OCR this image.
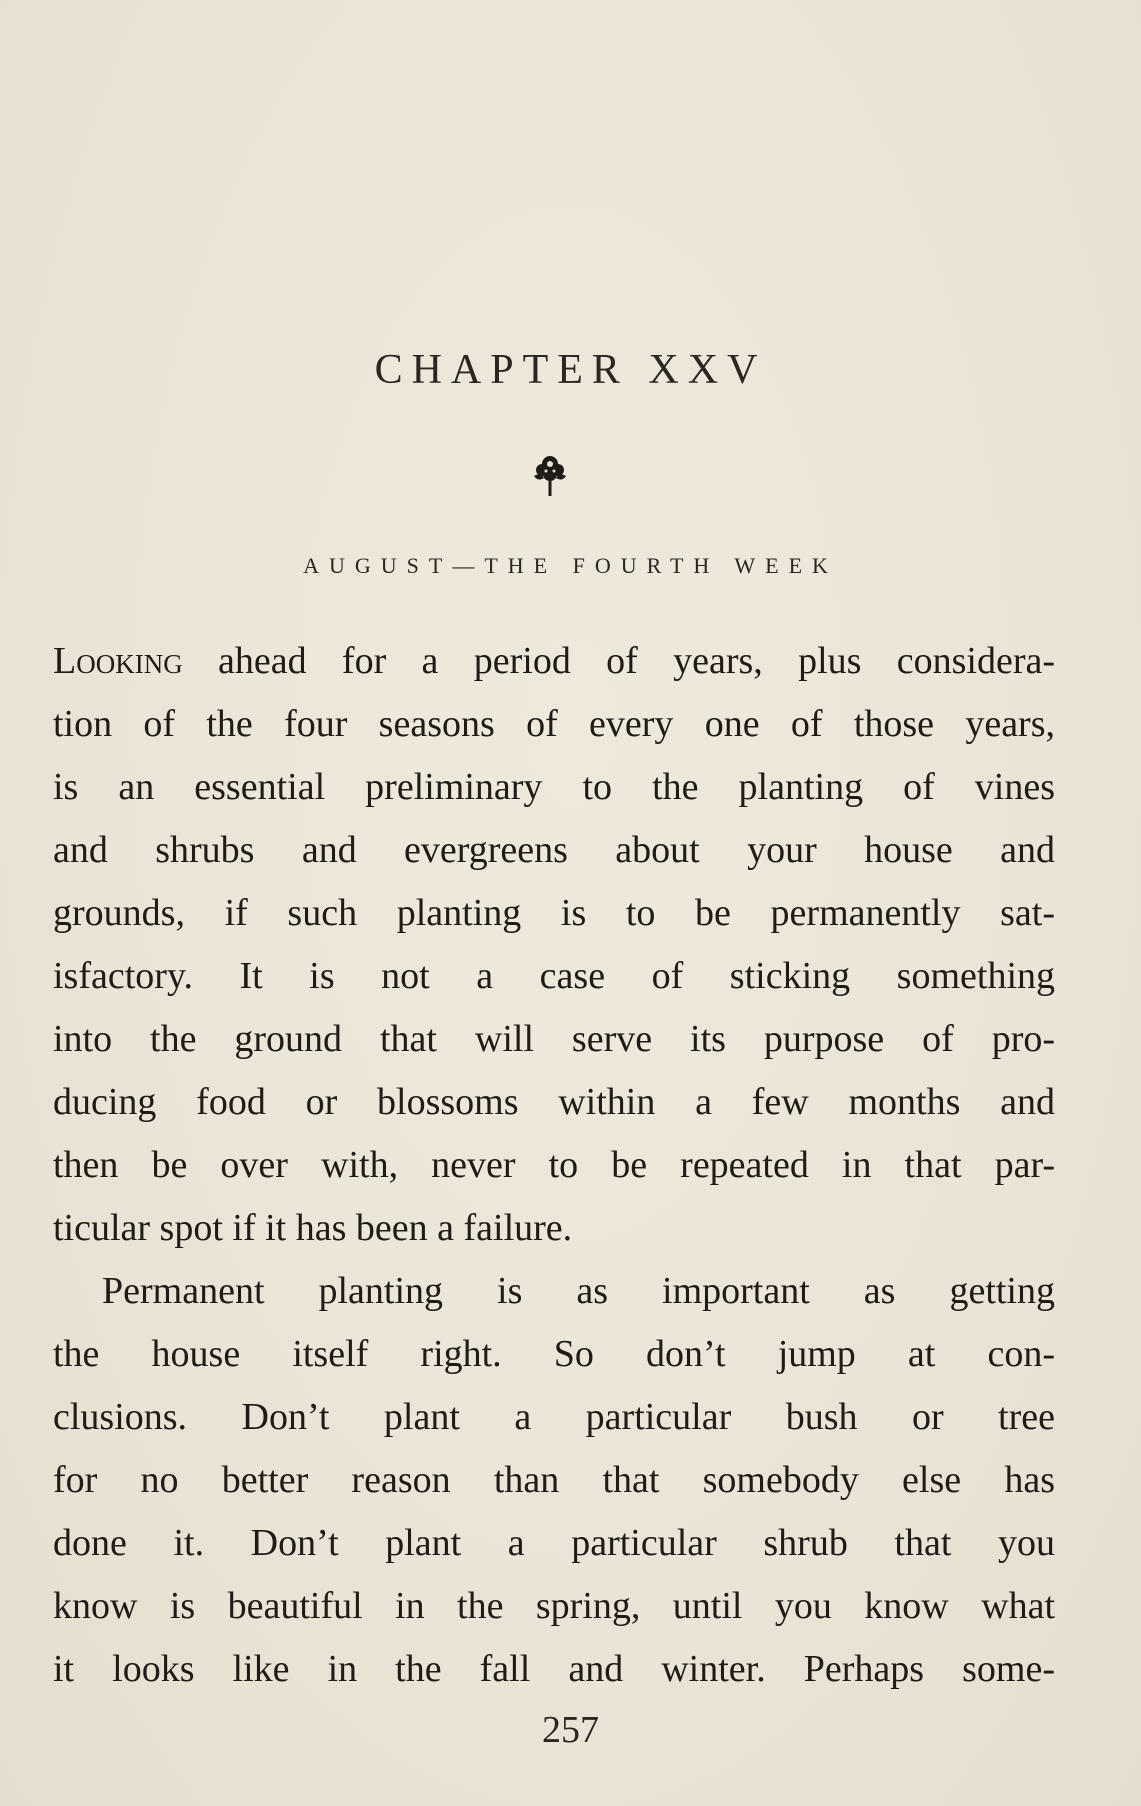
CHAPTER XXV
AUGUST—THE FOURTH WEEK
Looking ahead for a period of years, plus considera-
tion of the four seasons of every one of those years,
is an essential preliminary to the planting of vines
and shrubs and evergreens about your house and
grounds, if such planting is to be permanently sat-
isfactory. It is not a case of sticking something
into the ground that will serve its purpose of pro-
ducing food or blossoms within a few months and
then be over with, never to be repeated in that par-
ticular spot if it has been a failure.
Permanent planting is as important as getting
the house itself right. So don’t jump at con-
clusions. Don’t plant a particular bush or tree
for no better reason than that somebody else has
done it. Don’t plant a particular shrub that you
know is beautiful in the spring, until you know what
it looks like in the fall and winter. Perhaps some-
257
